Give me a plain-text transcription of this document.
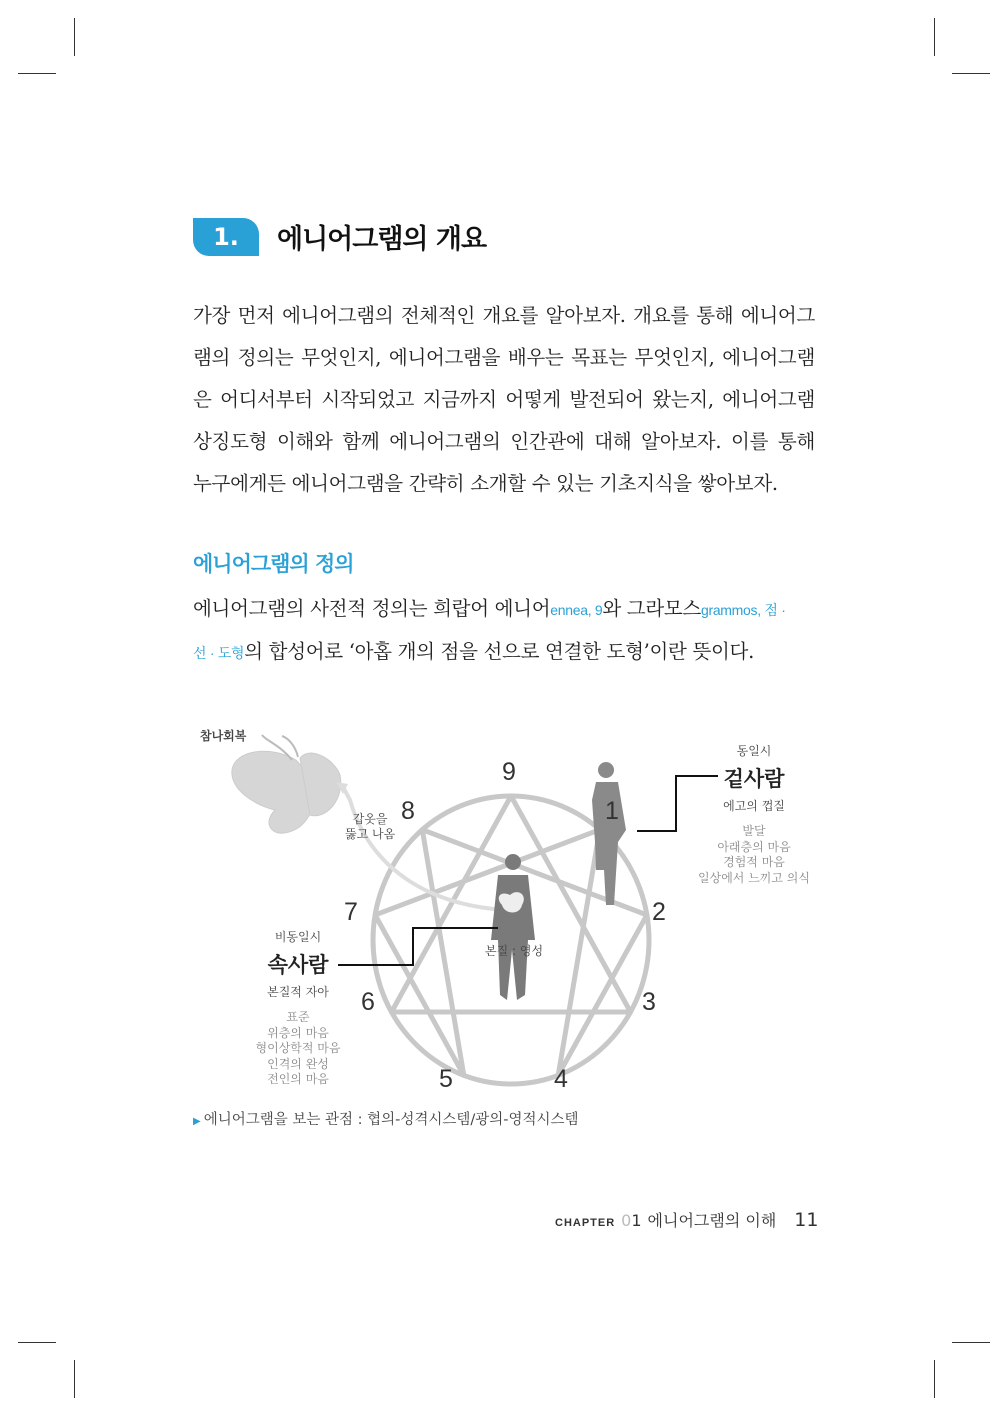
1.	에니어그램의 개요
가장 먼저 에니어그램의 전체적인 개요를 알아보자. 개요를 통해 에니어그
램의 정의는 무엇인지, 에니어그램을 배우는 목표는 무엇인지, 에니어그램
은 어디서부터 시작되었고 지금까지 어떻게 발전되어 왔는지, 에니어그램
상징도형 이해와 함께 에니어그램의 인간관에 대해 알아보자. 이를 통해
누구에게든 에니어그램을 간략히 소개할 수 있는 기초지식을 쌓아보자.
에니어그램의 정의
에니어그램의 사전적 정의는 희랍어 에니어ennea, 9와 그라모스grammos, 점 ·
선 · 도형의 합성어로 ‘아홉 개의 점을 선으로 연결한 도형’이란 뜻이다.
9
1
2
3
4
5
6
7
8
참나회복
갑옷을
뚫고 나옴
본질 : 영성
동일시
겉사람
에고의 껍질
발달
아래층의 마음
경험적 마음
일상에서 느끼고 의식
비동일시
속사람
본질적 자아
표준
위층의 마음
형이상학적 마음
인격의 완성
전인의 마음
▶ 에니어그램을 보는 관점 : 협의-성격시스템/광의-영적시스템
CHAPTER 01 에니어그램의 이해 11
